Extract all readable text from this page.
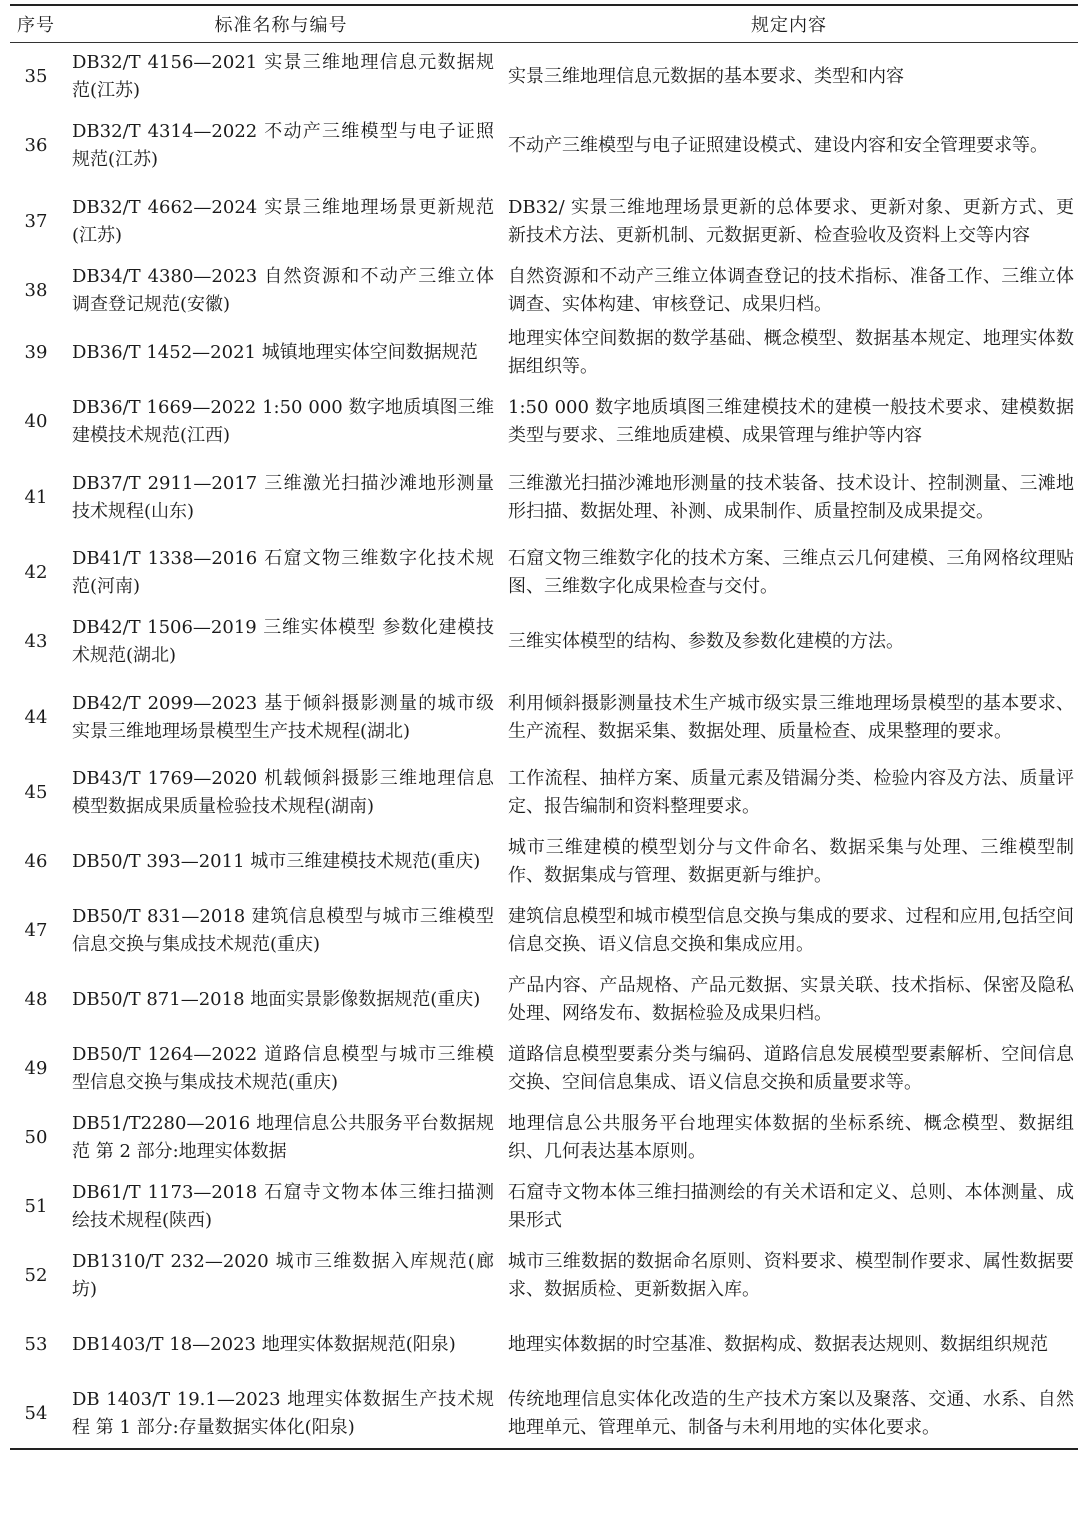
序号	标准名称与编号	规定内容
35	DB32/T 4156—2021 实景三维地理信息元数据规范(江苏)	实景三维地理信息元数据的基本要求、类型和内容

36	DB32/T 4314—2022 不动产三维模型与电子证照规范(江苏)	不动产三维模型与电子证照建设模式、建设内容和安全管理要求等。

37	DB32/T 4662—2024 实景三维地理场景更新规范(江苏)	DB32/ 实景三维地理场景更新的总体要求、更新对象、更新方式、更新技术方法、更新机制、元数据更新、检查验收及资料上交等内容

38	DB34/T 4380—2023 自然资源和不动产三维立体调查登记规范(安徽)	自然资源和不动产三维立体调查登记的技术指标、准备工作、三维立体调查、实体构建、审核登记、成果归档。

39	DB36/T 1452—2021 城镇地理实体空间数据规范	地理实体空间数据的数学基础、概念模型、数据基本规定、地理实体数据组织等。

40	DB36/T 1669—2022 1:50 000 数字地质填图三维建模技术规范(江西)	1:50 000 数字地质填图三维建模技术的建模一般技术要求、建模数据类型与要求、三维地质建模、成果管理与维护等内容

41	DB37/T 2911—2017 三维激光扫描沙滩地形测量技术规程(山东)	三维激光扫描沙滩地形测量的技术装备、技术设计、控制测量、三滩地形扫描、数据处理、补测、成果制作、质量控制及成果提交。

42	DB41/T 1338—2016 石窟文物三维数字化技术规范(河南)	石窟文物三维数字化的技术方案、三维点云几何建模、三角网格纹理贴图、三维数字化成果检查与交付。

43	DB42/T 1506—2019 三维实体模型 参数化建模技术规范(湖北)	三维实体模型的结构、参数及参数化建模的方法。

44	DB42/T 2099—2023 基于倾斜摄影测量的城市级实景三维地理场景模型生产技术规程(湖北)	利用倾斜摄影测量技术生产城市级实景三维地理场景模型的基本要求、生产流程、数据采集、数据处理、质量检查、成果整理的要求。

45	DB43/T 1769—2020 机载倾斜摄影三维地理信息模型数据成果质量检验技术规程(湖南)	工作流程、抽样方案、质量元素及错漏分类、检验内容及方法、质量评定、报告编制和资料整理要求。

46	DB50/T 393—2011 城市三维建模技术规范(重庆)	城市三维建模的模型划分与文件命名、数据采集与处理、三维模型制作、数据集成与管理、数据更新与维护。

47	DB50/T 831—2018 建筑信息模型与城市三维模型信息交换与集成技术规范(重庆)	建筑信息模型和城市模型信息交换与集成的要求、过程和应用,包括空间信息交换、语义信息交换和集成应用。

48	DB50/T 871—2018 地面实景影像数据规范(重庆)	产品内容、产品规格、产品元数据、实景关联、技术指标、保密及隐私处理、网络发布、数据检验及成果归档。

49	DB50/T 1264—2022 道路信息模型与城市三维模型信息交换与集成技术规范(重庆)	道路信息模型要素分类与编码、道路信息发展模型要素解析、空间信息交换、空间信息集成、语义信息交换和质量要求等。

50	DB51/T2280—2016 地理信息公共服务平台数据规范 第 2 部分:地理实体数据	地理信息公共服务平台地理实体数据的坐标系统、概念模型、数据组织、几何表达基本原则。

51	DB61/T 1173—2018 石窟寺文物本体三维扫描测绘技术规程(陕西)	石窟寺文物本体三维扫描测绘的有关术语和定义、总则、本体测量、成果形式

52	DB1310/T 232—2020 城市三维数据入库规范(廊坊)	城市三维数据的数据命名原则、资料要求、模型制作要求、属性数据要求、数据质检、更新数据入库。

53	DB1403/T 18—2023 地理实体数据规范(阳泉)	地理实体数据的时空基准、数据构成、数据表达规则、数据组织规范

54	DB 1403/T 19.1—2023 地理实体数据生产技术规程 第 1 部分:存量数据实体化(阳泉)	传统地理信息实体化改造的生产技术方案以及聚落、交通、水系、自然地理单元、管理单元、制备与未利用地的实体化要求。
